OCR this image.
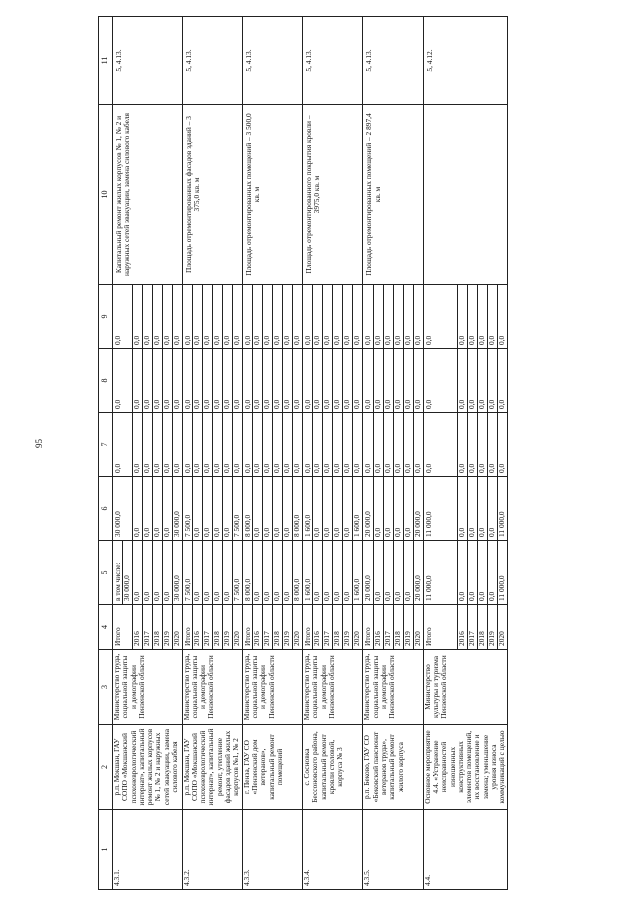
95
1	2	3	4	5	6	7	8	9	10	11
4.3.1.	р.п. Мокшан, ГАУ СОПО «Мокшанский психоневрологический интернат», капитальный ремонт жилых корпусов № 1, № 2 и наружных сетей эвакуации, замена силового кабеля	Министерство труда, социальной защиты и демографии Пензенской области	Итого	в том числе: 30 000,0	30 000,0	0,0	0,0	0,0	Капитальный ремонт жилых корпусов № 1, № 2 и наружных сетей эвакуации, замена силового кабеля	5, 4.13.
			2016	0,0	0,0	0,0	0,0	0,0		
			2017	0,0	0,0	0,0	0,0	0,0		
			2018	0,0	0,0	0,0	0,0	0,0		
			2019	0,0	0,0	0,0	0,0	0,0		
			2020	30 000,0	30 000,0	0,0	0,0	0,0		
4.3.2.	р.п. Мокшан, ГАУ СОПО «Мокшанский психоневрологический интернат», капитальный ремонт, утепление фасадов зданий жилых корпусов №1, № 2	Министерство труда, социальной защиты и демографии Пензенской области	Итого	7 500,0	7 500,0	0,0	0,0	0,0	Площадь отремонтированных фасадов зданий – 3 375,0 кв. м	5, 4.13.
			2016	0,0	0,0	0,0	0,0	0,0		
			2017	0,0	0,0	0,0	0,0	0,0		
			2018	0,0	0,0	0,0	0,0	0,0		
			2019	0,0	0,0	0,0	0,0	0,0		
			2020	7 500,0	7 500,0	0,0	0,0	0,0		
4.3.3.	г. Пенза, ГАУ СО «Пензенский дом ветеранов», капитальный ремонт помещений	Министерство труда, социальной защиты и демографии Пензенской области	Итого	8 000,0	8 000,0	0,0	0,0	0,0	Площадь отремонтированных помещений – 3 500,0 кв. м	5, 4.13.
			2016	0,0	0,0	0,0	0,0	0,0		
			2017	0,0	0,0	0,0	0,0	0,0		
			2018	0,0	0,0	0,0	0,0	0,0		
			2019	0,0	0,0	0,0	0,0	0,0		
			2020	8 000,0	8 000,0	0,0	0,0	0,0		
4.3.4.	с. Сосновка Бессоновского района, капитальный ремонт кровли столовой, корпуса № 3	Министерство труда, социальной защиты и демографии Пензенской области	Итого	1 600,0	1 600,0	0,0	0,0	0,0	Площадь отремонтированного покрытия кровли – 3975,0 кв. м	5, 4.13.
			2016	0,0	0,0	0,0	0,0	0,0		
			2017	0,0	0,0	0,0	0,0	0,0		
			2018	0,0	0,0	0,0	0,0	0,0		
			2019	0,0	0,0	0,0	0,0	0,0		
			2020	1 600,0	1 600,0	0,0	0,0	0,0		
4.3.5.	р.п. Беково, ГАУ СО «Бековский пансионат ветеранов труда», капитальный ремонт жилого корпуса	Министерство труда, социальной защиты и демографии Пензенской области	Итого	20 000,0	20 000,0	0,0	0,0	0,0	Площадь отремонтированных помещений – 2 897,4 кв. м	5, 4.13.
			2016	0,0	0,0	0,0	0,0	0,0		
			2017	0,0	0,0	0,0	0,0	0,0		
			2018	0,0	0,0	0,0	0,0	0,0		
			2019	0,0	0,0	0,0	0,0	0,0		
			2020	20 000,0	20 000,0	0,0	0,0	0,0		
4.4.	Основное мероприятие 4.4. «Устранение неисправностей изношенных конструктивных элементов помещений, их восстановление и замена; уменьшение уровня износа коммуникаций с целью	Министерство культуры и туризма Пензенской области	Итого	11 000,0	11 000,0	0,0	0,0	0,0		5, 4.12.
			2016	0,0	0,0	0,0	0,0	0,0		
			2017	0,0	0,0	0,0	0,0	0,0		
			2018	0,0	0,0	0,0	0,0	0,0		
			2019	0,0	0,0	0,0	0,0	0,0		
			2020	11 000,0	11 000,0	0,0	0,0	0,0		
